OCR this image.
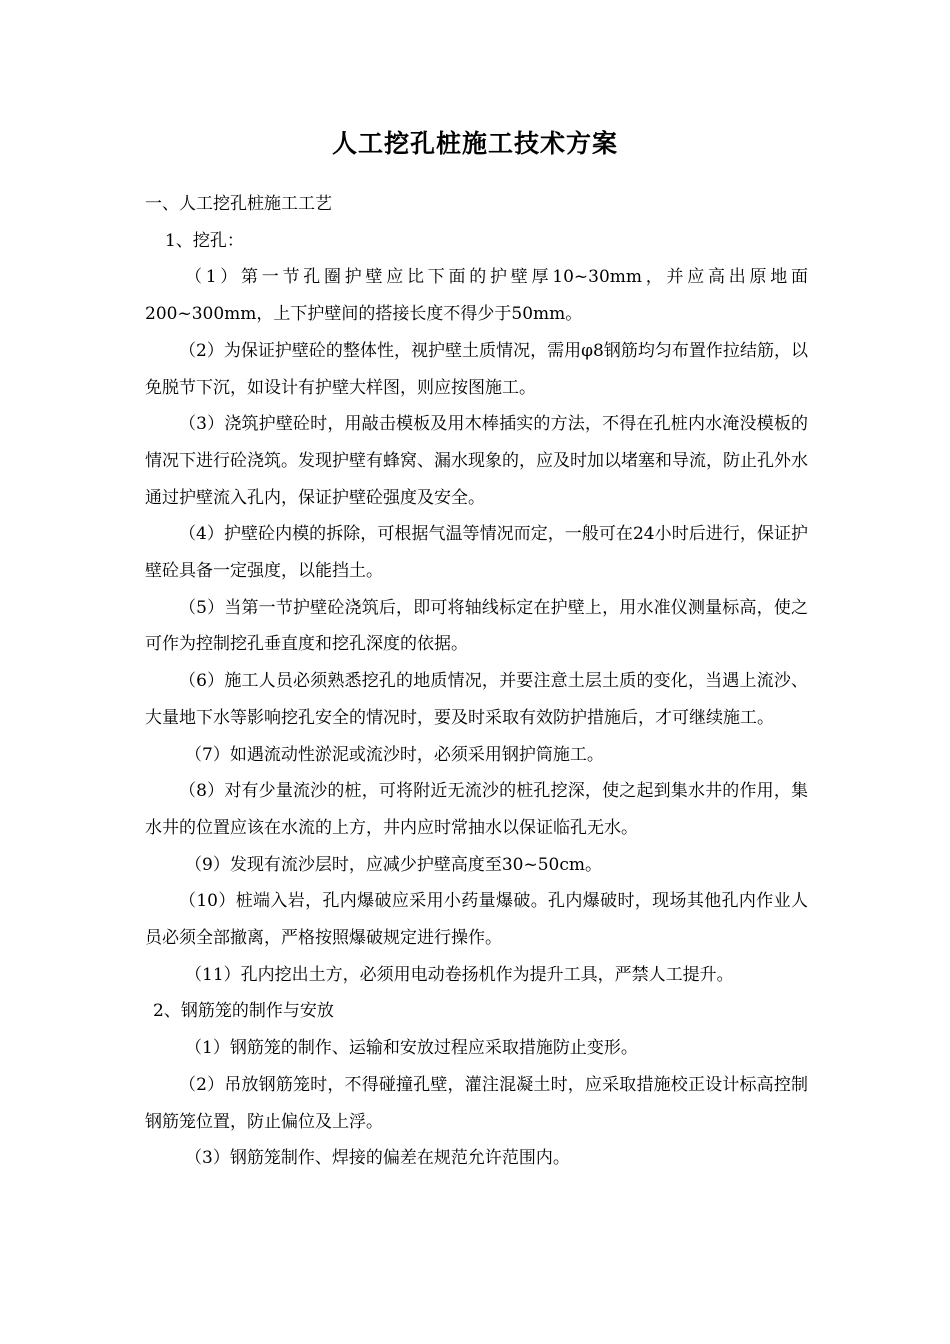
人工挖孔桩施工技术方案

一、人工挖孔桩施工工艺

1、挖孔：

（1）第一节孔圈护壁应比下面的护壁厚10~30mm，并应高出原地面200~300mm，上下护壁间的搭接长度不得少于50mm。

（2）为保证护壁砼的整体性，视护壁土质情况，需用φ8钢筋均匀布置作拉结筋，以免脱节下沉，如设计有护壁大样图，则应按图施工。

（3）浇筑护壁砼时，用敲击模板及用木棒插实的方法，不得在孔桩内水淹没模板的情况下进行砼浇筑。发现护壁有蜂窝、漏水现象的，应及时加以堵塞和导流，防止孔外水通过护壁流入孔内，保证护壁砼强度及安全。

（4）护壁砼内模的拆除，可根据气温等情况而定，一般可在24小时后进行，保证护壁砼具备一定强度，以能挡土。

（5）当第一节护壁砼浇筑后，即可将轴线标定在护壁上，用水准仪测量标高，使之可作为控制挖孔垂直度和挖孔深度的依据。

（6）施工人员必须熟悉挖孔的地质情况，并要注意土层土质的变化，当遇上流沙、大量地下水等影响挖孔安全的情况时，要及时采取有效防护措施后，才可继续施工。

（7）如遇流动性淤泥或流沙时，必须采用钢护筒施工。

（8）对有少量流沙的桩，可将附近无流沙的桩孔挖深，使之起到集水井的作用，集水井的位置应该在水流的上方，井内应时常抽水以保证临孔无水。

（9）发现有流沙层时，应减少护壁高度至30~50cm。

（10）桩端入岩，孔内爆破应采用小药量爆破。孔内爆破时，现场其他孔内作业人员必须全部撤离，严格按照爆破规定进行操作。

（11）孔内挖出土方，必须用电动卷扬机作为提升工具，严禁人工提升。

2、钢筋笼的制作与安放

（1）钢筋笼的制作、运输和安放过程应采取措施防止变形。

（2）吊放钢筋笼时，不得碰撞孔壁，灌注混凝土时，应采取措施校正设计标高控制钢筋笼位置，防止偏位及上浮。

（3）钢筋笼制作、焊接的偏差在规范允许范围内。
